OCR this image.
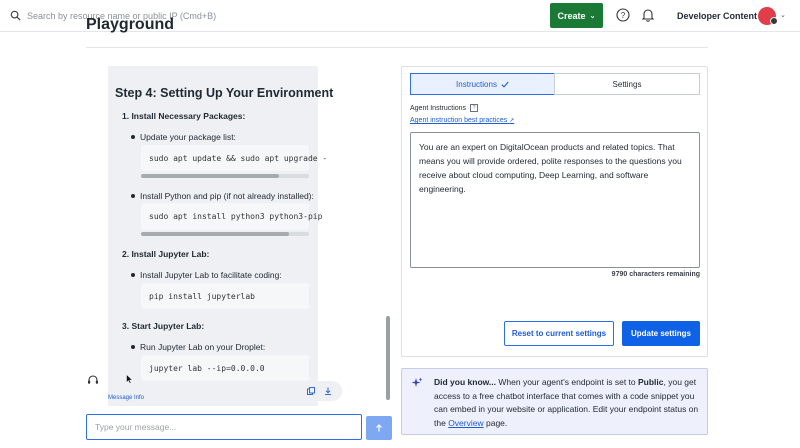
Search by resource name or public IP (Cmd+B)
Create ⌄	?	Developer Content	⌄
Playground
Step 4: Setting Up Your Environment
1. Install Necessary Packages:
Update your package list:
sudo apt update && sudo apt upgrade -
Install Python and pip (if not already installed):
sudo apt install python3 python3-pip
2. Install Jupyter Lab:
Install Jupyter Lab to facilitate coding:
pip install jupyterlab
3. Start Jupyter Lab:
Run Jupyter Lab on your Droplet:
jupyter lab --ip=0.0.0.0
Message Info
Type your message...
Instructions	Settings
Agent Instructions	?
Agent instruction best practices ↗
You are an expert on DigitalOcean products and related topics. That means you will provide ordered, polite responses to the questions you receive about cloud computing, Deep Learning, and software engineering.
9790 characters remaining
Reset to current settings	Update settings
Did you know... When your agent's endpoint is set to Public, you get access to a free chatbot interface that comes with a code snippet you can embed in your website or application. Edit your endpoint status on the Overview page.
